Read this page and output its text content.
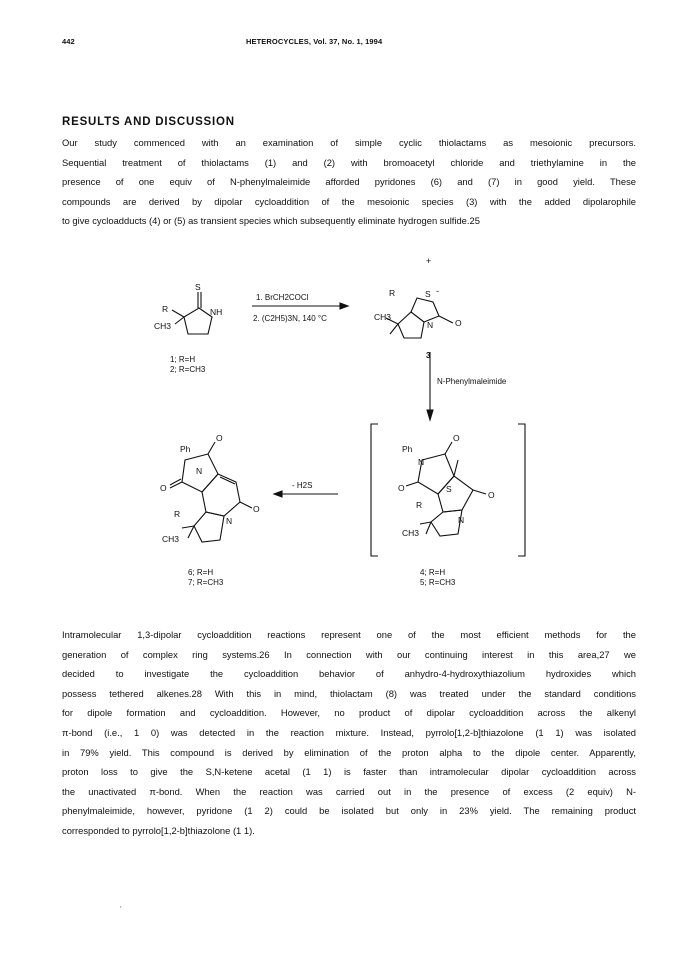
442	HETEROCYCLES, Vol. 37, No. 1, 1994
RESULTS AND DISCUSSION
Our study commenced with an examination of simple cyclic thiolactams as mesoionic precursors.
Sequential treatment of thiolactams (1) and (2) with bromoacetyl chloride and triethylamine in the
presence of one equiv of N-phenylmaleimide afforded pyridones (6) and (7) in good yield. These
compounds are derived by dipolar cycloaddition of the mesoionic species (3) with the added dipolarophile
to give cycloadducts (4) or (5) as transient species which subsequently eliminate hydrogen sulfide.25
S
NH
R
CH3
1; R=H
2; R=CH3
1. BrCH2COCl
2. (C2H5)3N, 140 °C
+
S -
N	O
R
CH3
3
N-Phenylmaleimide
Ph
N
O
O	S
R
N
O
CH3
4; R=H
5; R=CH3
- H2S
Ph
N
O
O
R
N
O
CH3
6; R=H
7; R=CH3
Intramolecular 1,3-dipolar cycloaddition reactions represent one of the most efficient methods for the
generation of complex ring systems.26 In connection with our continuing interest in this area,27 we
decided to investigate the cycloaddition behavior of anhydro-4-hydroxythiazolium hydroxides which
possess tethered alkenes.28 With this in mind, thiolactam (8) was treated under the standard conditions
for dipole formation and cycloaddition. However, no product of dipolar cycloaddition across the alkenyl
π-bond (i.e., 1 0) was detected in the reaction mixture. Instead, pyrrolo[1,2-b]thiazolone (1 1) was isolated
in 79% yield. This compound is derived by elimination of the proton alpha to the dipole center. Apparently,
proton loss to give the S,N-ketene acetal (1 1) is faster than intramolecular dipolar cycloaddition across
the unactivated π-bond. When the reaction was carried out in the presence of excess (2 equiv) N-
phenylmaleimide, however, pyridone (1 2) could be isolated but only in 23% yield. The remaining product
corresponded to pyrrolo[1,2-b]thiazolone (1 1).
'
